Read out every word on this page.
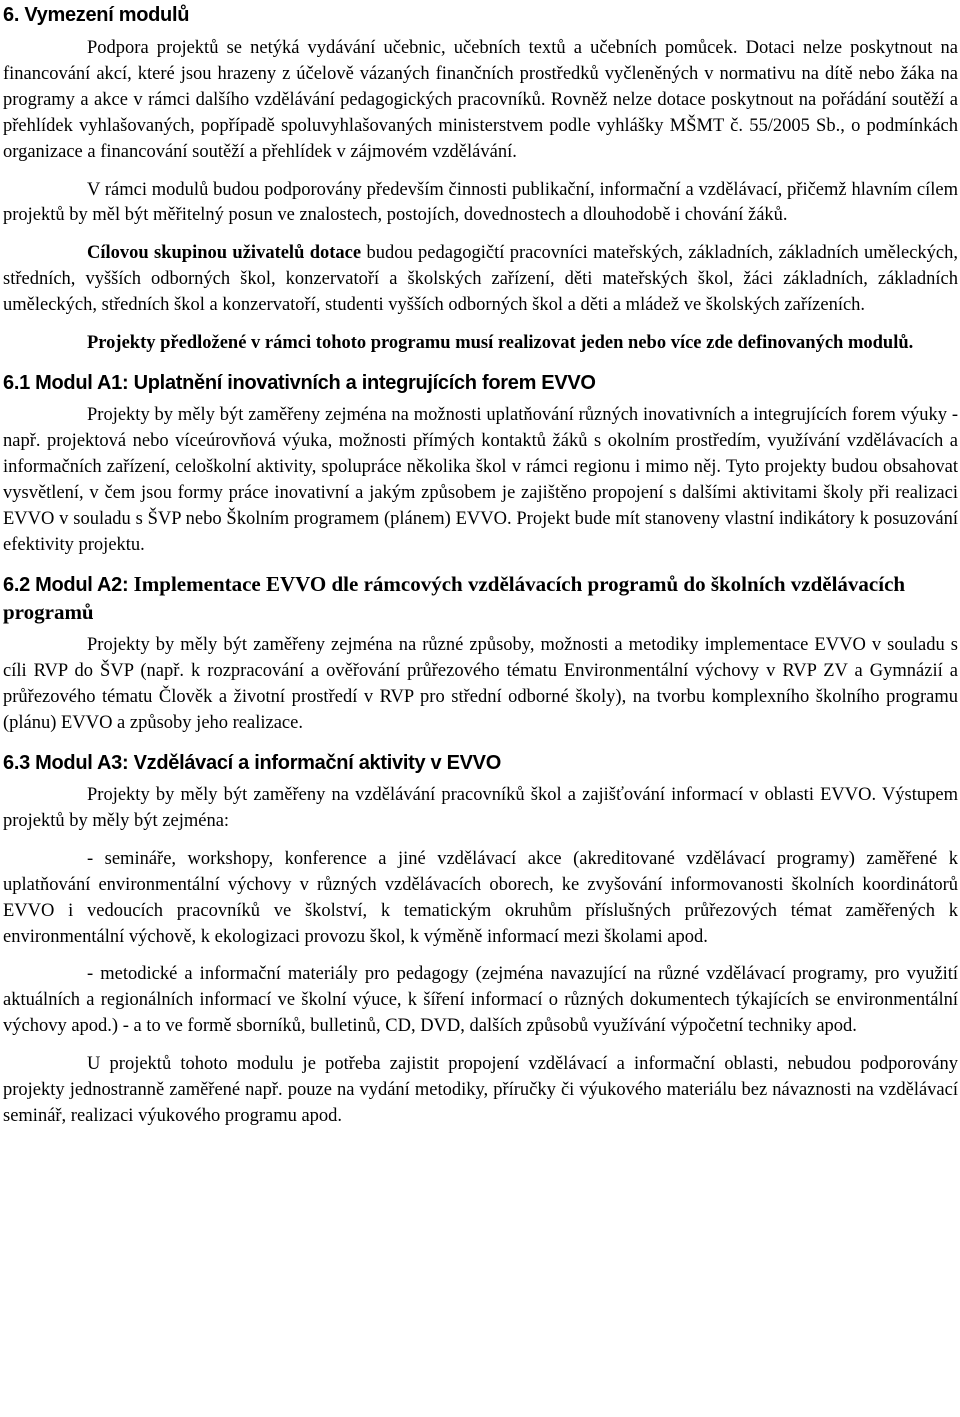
6. Vymezení modulů

Podpora projektů se netýká vydávání učebnic, učebních textů a učebních pomůcek. Dotaci nelze poskytnout na financování akcí, které jsou hrazeny z účelově vázaných finančních prostředků vyčleněných v normativu na dítě nebo žáka na programy a akce v rámci dalšího vzdělávání pedagogických pracovníků. Rovněž nelze dotace poskytnout na pořádání soutěží a přehlídek vyhlašovaných, popřípadě spoluvyhlašovaných ministerstvem podle vyhlášky MŠMT č. 55/2005 Sb., o podmínkách organizace a financování soutěží a přehlídek v zájmovém vzdělávání.

V rámci modulů budou podporovány především činnosti publikační, informační a vzdělávací, přičemž hlavním cílem projektů by měl být měřitelný posun ve znalostech, postojích, dovednostech a dlouhodobě i chování žáků.

Cílovou skupinou uživatelů dotace budou pedagogičtí pracovníci mateřských, základních, základních uměleckých, středních, vyšších odborných škol, konzervatoří a školských zařízení, děti mateřských škol, žáci základních, základních uměleckých, středních škol a konzervatoří, studenti vyšších odborných škol a děti a mládež ve školských zařízeních.

Projekty předložené v rámci tohoto programu musí realizovat jeden nebo více zde definovaných modulů.

6.1 Modul A1: Uplatnění inovativních a integrujících forem EVVO

Projekty by měly být zaměřeny zejména na možnosti uplatňování různých inovativních a integrujících forem výuky - např. projektová nebo víceúrovňová výuka, možnosti přímých kontaktů žáků s okolním prostředím, využívání vzdělávacích a informačních zařízení, celoškolní aktivity, spolupráce několika škol v rámci regionu i mimo něj. Tyto projekty budou obsahovat vysvětlení, v čem jsou formy práce inovativní a jakým způsobem je zajištěno propojení s dalšími aktivitami školy při realizaci EVVO v souladu s ŠVP nebo Školním programem (plánem) EVVO. Projekt bude mít stanoveny vlastní indikátory k posuzování efektivity projektu.

6.2 Modul A2: Implementace EVVO dle rámcových vzdělávacích programů do školních vzdělávacích programů

Projekty by měly být zaměřeny zejména na různé způsoby, možnosti a metodiky implementace EVVO v souladu s cíli RVP do ŠVP (např. k rozpracování a ověřování průřezového tématu Environmentální výchovy v RVP ZV a Gymnázií a průřezového tématu Člověk a životní prostředí v RVP pro střední odborné školy), na tvorbu komplexního školního programu (plánu) EVVO a způsoby jeho realizace.

6.3 Modul A3: Vzdělávací a informační aktivity v EVVO

Projekty by měly být zaměřeny na vzdělávání pracovníků škol a zajišťování informací v oblasti EVVO. Výstupem projektů by měly být zejména:

- semináře, workshopy, konference a jiné vzdělávací akce (akreditované vzdělávací programy) zaměřené k uplatňování environmentální výchovy v různých vzdělávacích oborech, ke zvyšování informovanosti školních koordinátorů EVVO i vedoucích pracovníků ve školství, k tematickým okruhům příslušných průřezových témat zaměřených k environmentální výchově, k ekologizaci provozu škol, k výměně informací mezi školami apod.

- metodické a informační materiály pro pedagogy (zejména navazující na různé vzdělávací programy, pro využití aktuálních a regionálních informací ve školní výuce, k šíření informací o různých dokumentech týkajících se environmentální výchovy apod.) - a to ve formě sborníků, bulletinů, CD, DVD, dalších způsobů využívání výpočetní techniky apod.

U projektů tohoto modulu je potřeba zajistit propojení vzdělávací a informační oblasti, nebudou podporovány projekty jednostranně zaměřené např. pouze na vydání metodiky, příručky či výukového materiálu bez návaznosti na vzdělávací seminář, realizaci výukového programu apod.
